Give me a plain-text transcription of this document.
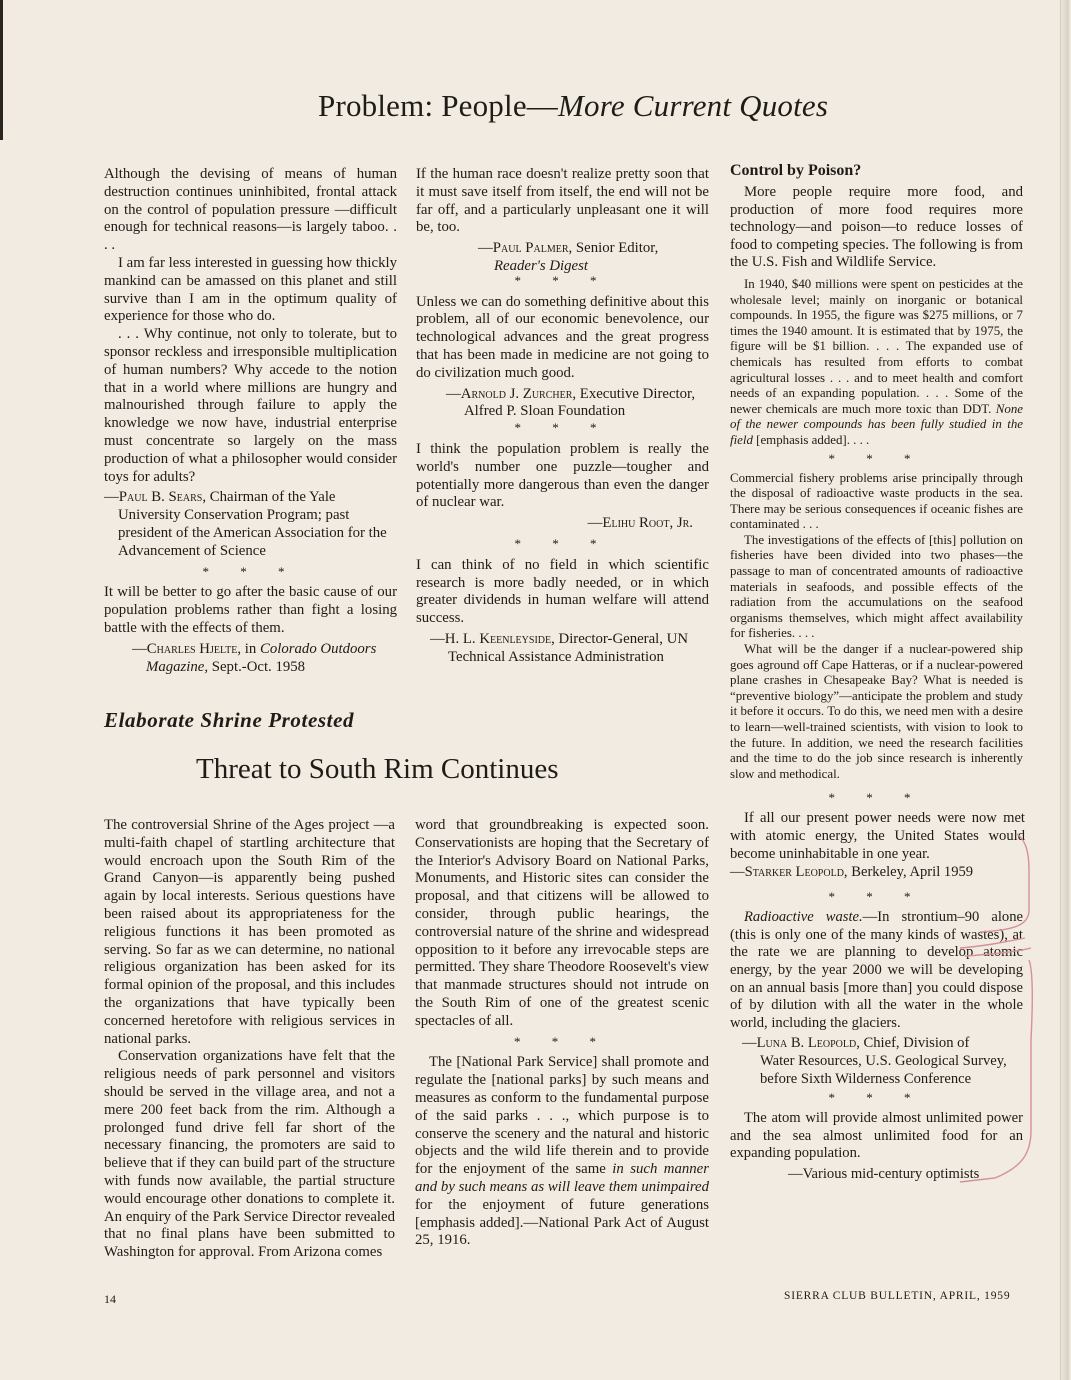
Problem: People—More Current Quotes

Although the devising of means of human destruction continues uninhibited, frontal attack on the control of population pressure —difficult enough for technical reasons—is largely taboo. . . .

I am far less interested in guessing how thickly mankind can be amassed on this planet and still survive than I am in the optimum quality of experience for those who do.

. . . Why continue, not only to tolerate, but to sponsor reckless and irresponsible multiplication of human numbers? Why accede to the notion that in a world where millions are hungry and malnourished through failure to apply the knowledge we now have, industrial enterprise must concentrate so largely on the mass production of what a philosopher would consider toys for adults?

—Paul B. Sears, Chairman of the Yale University Conservation Program; past president of the American Association for the Advancement of Science
* * *

It will be better to go after the basic cause of our population problems rather than fight a losing battle with the effects of them.

—Charles Hjelte, in Colorado Outdoors Magazine, Sept.-Oct. 1958

If the human race doesn't realize pretty soon that it must save itself from itself, the end will not be far off, and a particularly unpleasant one it will be, too.

—Paul Palmer, Senior Editor,
Reader's Digest
* * *

Unless we can do something definitive about this problem, all of our economic benevolence, our technological advances and the great progress that has been made in medicine are not going to do civilization much good.

—Arnold J. Zurcher, Executive Director, Alfred P. Sloan Foundation
* * *

I think the population problem is really the world's number one puzzle—tougher and potentially more dangerous than even the danger of nuclear war.

—Elihu Root, Jr.
* * *

I can think of no field in which scientific research is more badly needed, or in which greater dividends in human welfare will attend success.

—H. L. Keenleyside, Director-General, UN Technical Assistance Administration
Control by Poison?

More people require more food, and production of more food requires more technology—and poison—to reduce losses of food to competing species. The following is from the U.S. Fish and Wildlife Service.

In 1940, $40 millions were spent on pesticides at the wholesale level; mainly on inorganic or botanical compounds. In 1955, the figure was $275 millions, or 7 times the 1940 amount. It is estimated that by 1975, the figure will be $1 billion. . . . The expanded use of chemicals has resulted from efforts to combat agricultural losses . . . and to meet health and comfort needs of an expanding population. . . . Some of the newer chemicals are much more toxic than DDT. None of the newer compounds has been fully studied in the field [emphasis added]. . . .

* * *

Commercial fishery problems arise principally through the disposal of radioactive waste products in the sea. There may be serious consequences if oceanic fishes are contaminated . . .

The investigations of the effects of [this] pollution on fisheries have been divided into two phases—the passage to man of concentrated amounts of radioactive materials in seafoods, and possible effects of the radiation from the accumulations on the seafood organisms themselves, which might affect availability for fisheries. . . .

What will be the danger if a nuclear-powered ship goes aground off Cape Hatteras, or if a nuclear-powered plane crashes in Chesapeake Bay? What is needed is “preventive biology”—anticipate the problem and study it before it occurs. To do this, we need men with a desire to learn—well-trained scientists, with vision to look to the future. In addition, we need the research facilities and the time to do the job since research is inherently slow and methodical.

* * *

If all our present power needs were now met with atomic energy, the United States would become uninhabitable in one year.

—Starker Leopold, Berkeley, April 1959
* * *

Radioactive waste.—In strontium–90 alone (this is only one of the many kinds of wastes), at the rate we are planning to develop atomic energy, by the year 2000 we will be developing on an annual basis [more than] you could dispose of by dilution with all the water in the whole world, including the glaciers.

—Luna B. Leopold, Chief, Division of Water Resources, U.S. Geological Survey, before Sixth Wilderness Conference
* * *

The atom will provide almost unlimited power and the sea almost unlimited food for an expanding population.

—Various mid-century optimists
Elaborate Shrine Protested
Threat to South Rim Continues

The controversial Shrine of the Ages project —a multi-faith chapel of startling architecture that would encroach upon the South Rim of the Grand Canyon—is apparently being pushed again by local interests. Serious questions have been raised about its appropriateness for the religious functions it has been promoted as serving. So far as we can determine, no national religious organization has been asked for its formal opinion of the proposal, and this includes the organizations that have typically been concerned heretofore with religious services in national parks.

Conservation organizations have felt that the religious needs of park personnel and visitors should be served in the village area, and not a mere 200 feet back from the rim. Although a prolonged fund drive fell far short of the necessary financing, the promoters are said to believe that if they can build part of the structure with funds now available, the partial structure would encourage other donations to complete it. An enquiry of the Park Service Director revealed that no final plans have been submitted to Washington for approval. From Arizona comes

word that groundbreaking is expected soon. Conservationists are hoping that the Secretary of the Interior's Advisory Board on National Parks, Monuments, and Historic sites can consider the proposal, and that citizens will be allowed to consider, through public hearings, the controversial nature of the shrine and widespread opposition to it before any irrevocable steps are permitted. They share Theodore Roosevelt's view that manmade structures should not intrude on the South Rim of one of the greatest scenic spectacles of all.

* * *

The [National Park Service] shall promote and regulate the [national parks] by such means and measures as conform to the fundamental purpose of the said parks . . ., which purpose is to conserve the scenery and the natural and historic objects and the wild life therein and to provide for the enjoyment of the same in such manner and by such means as will leave them unimpaired for the enjoyment of future generations [emphasis added].—National Park Act of August 25, 1916.

14	SIERRA CLUB BULLETIN, APRIL, 1959
